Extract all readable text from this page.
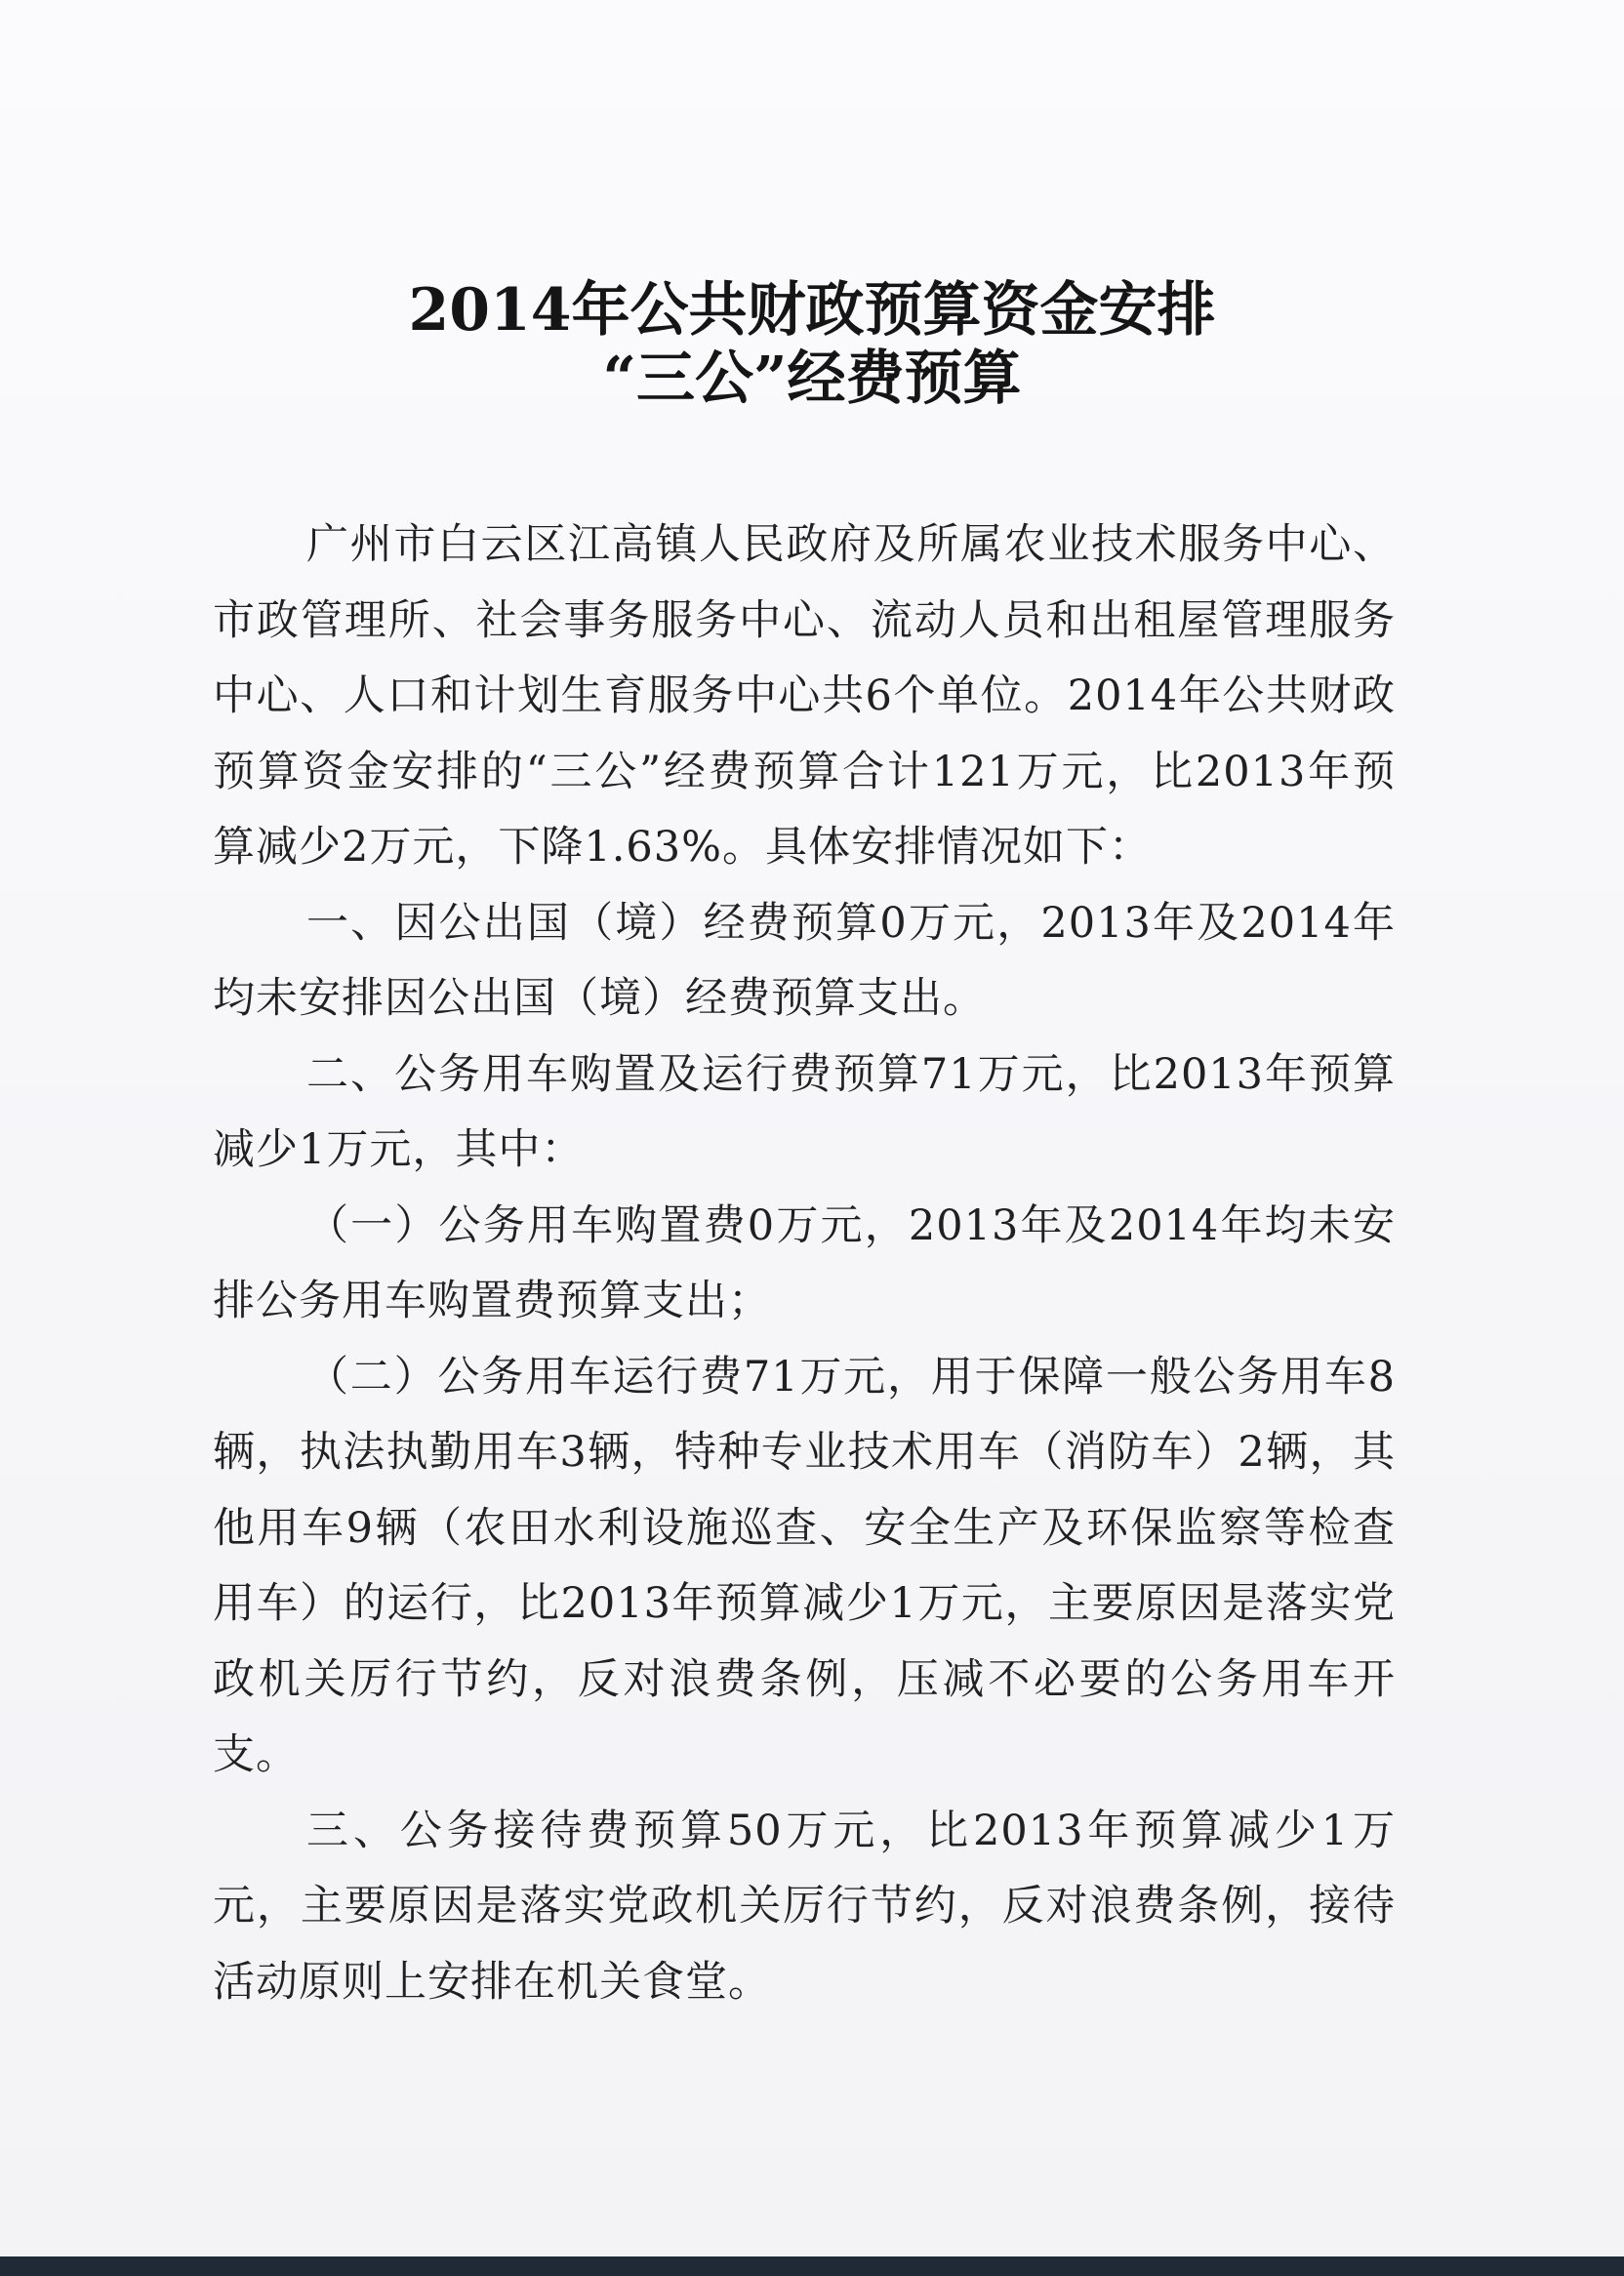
2014年公共财政预算资金安排
“三公”经费预算

广州市白云区江高镇人民政府及所属农业技术服务中心、市政管理所、社会事务服务中心、流动人员和出租屋管理服务中心、人口和计划生育服务中心共6个单位。2014年公共财政预算资金安排的“三公”经费预算合计121万元，比2013年预算减少2万元，下降1.63%。具体安排情况如下：

一、因公出国（境）经费预算0万元，2013年及2014年均未安排因公出国（境）经费预算支出。

二、公务用车购置及运行费预算71万元，比2013年预算减少1万元，其中：

（一）公务用车购置费0万元，2013年及2014年均未安排公务用车购置费预算支出；

（二）公务用车运行费71万元，用于保障一般公务用车8辆，执法执勤用车3辆，特种专业技术用车（消防车）2辆，其他用车9辆（农田水利设施巡查、安全生产及环保监察等检查用车）的运行，比2013年预算减少1万元，主要原因是落实党政机关厉行节约，反对浪费条例，压减不必要的公务用车开支。

三、公务接待费预算50万元，比2013年预算减少1万元，主要原因是落实党政机关厉行节约，反对浪费条例，接待活动原则上安排在机关食堂。
